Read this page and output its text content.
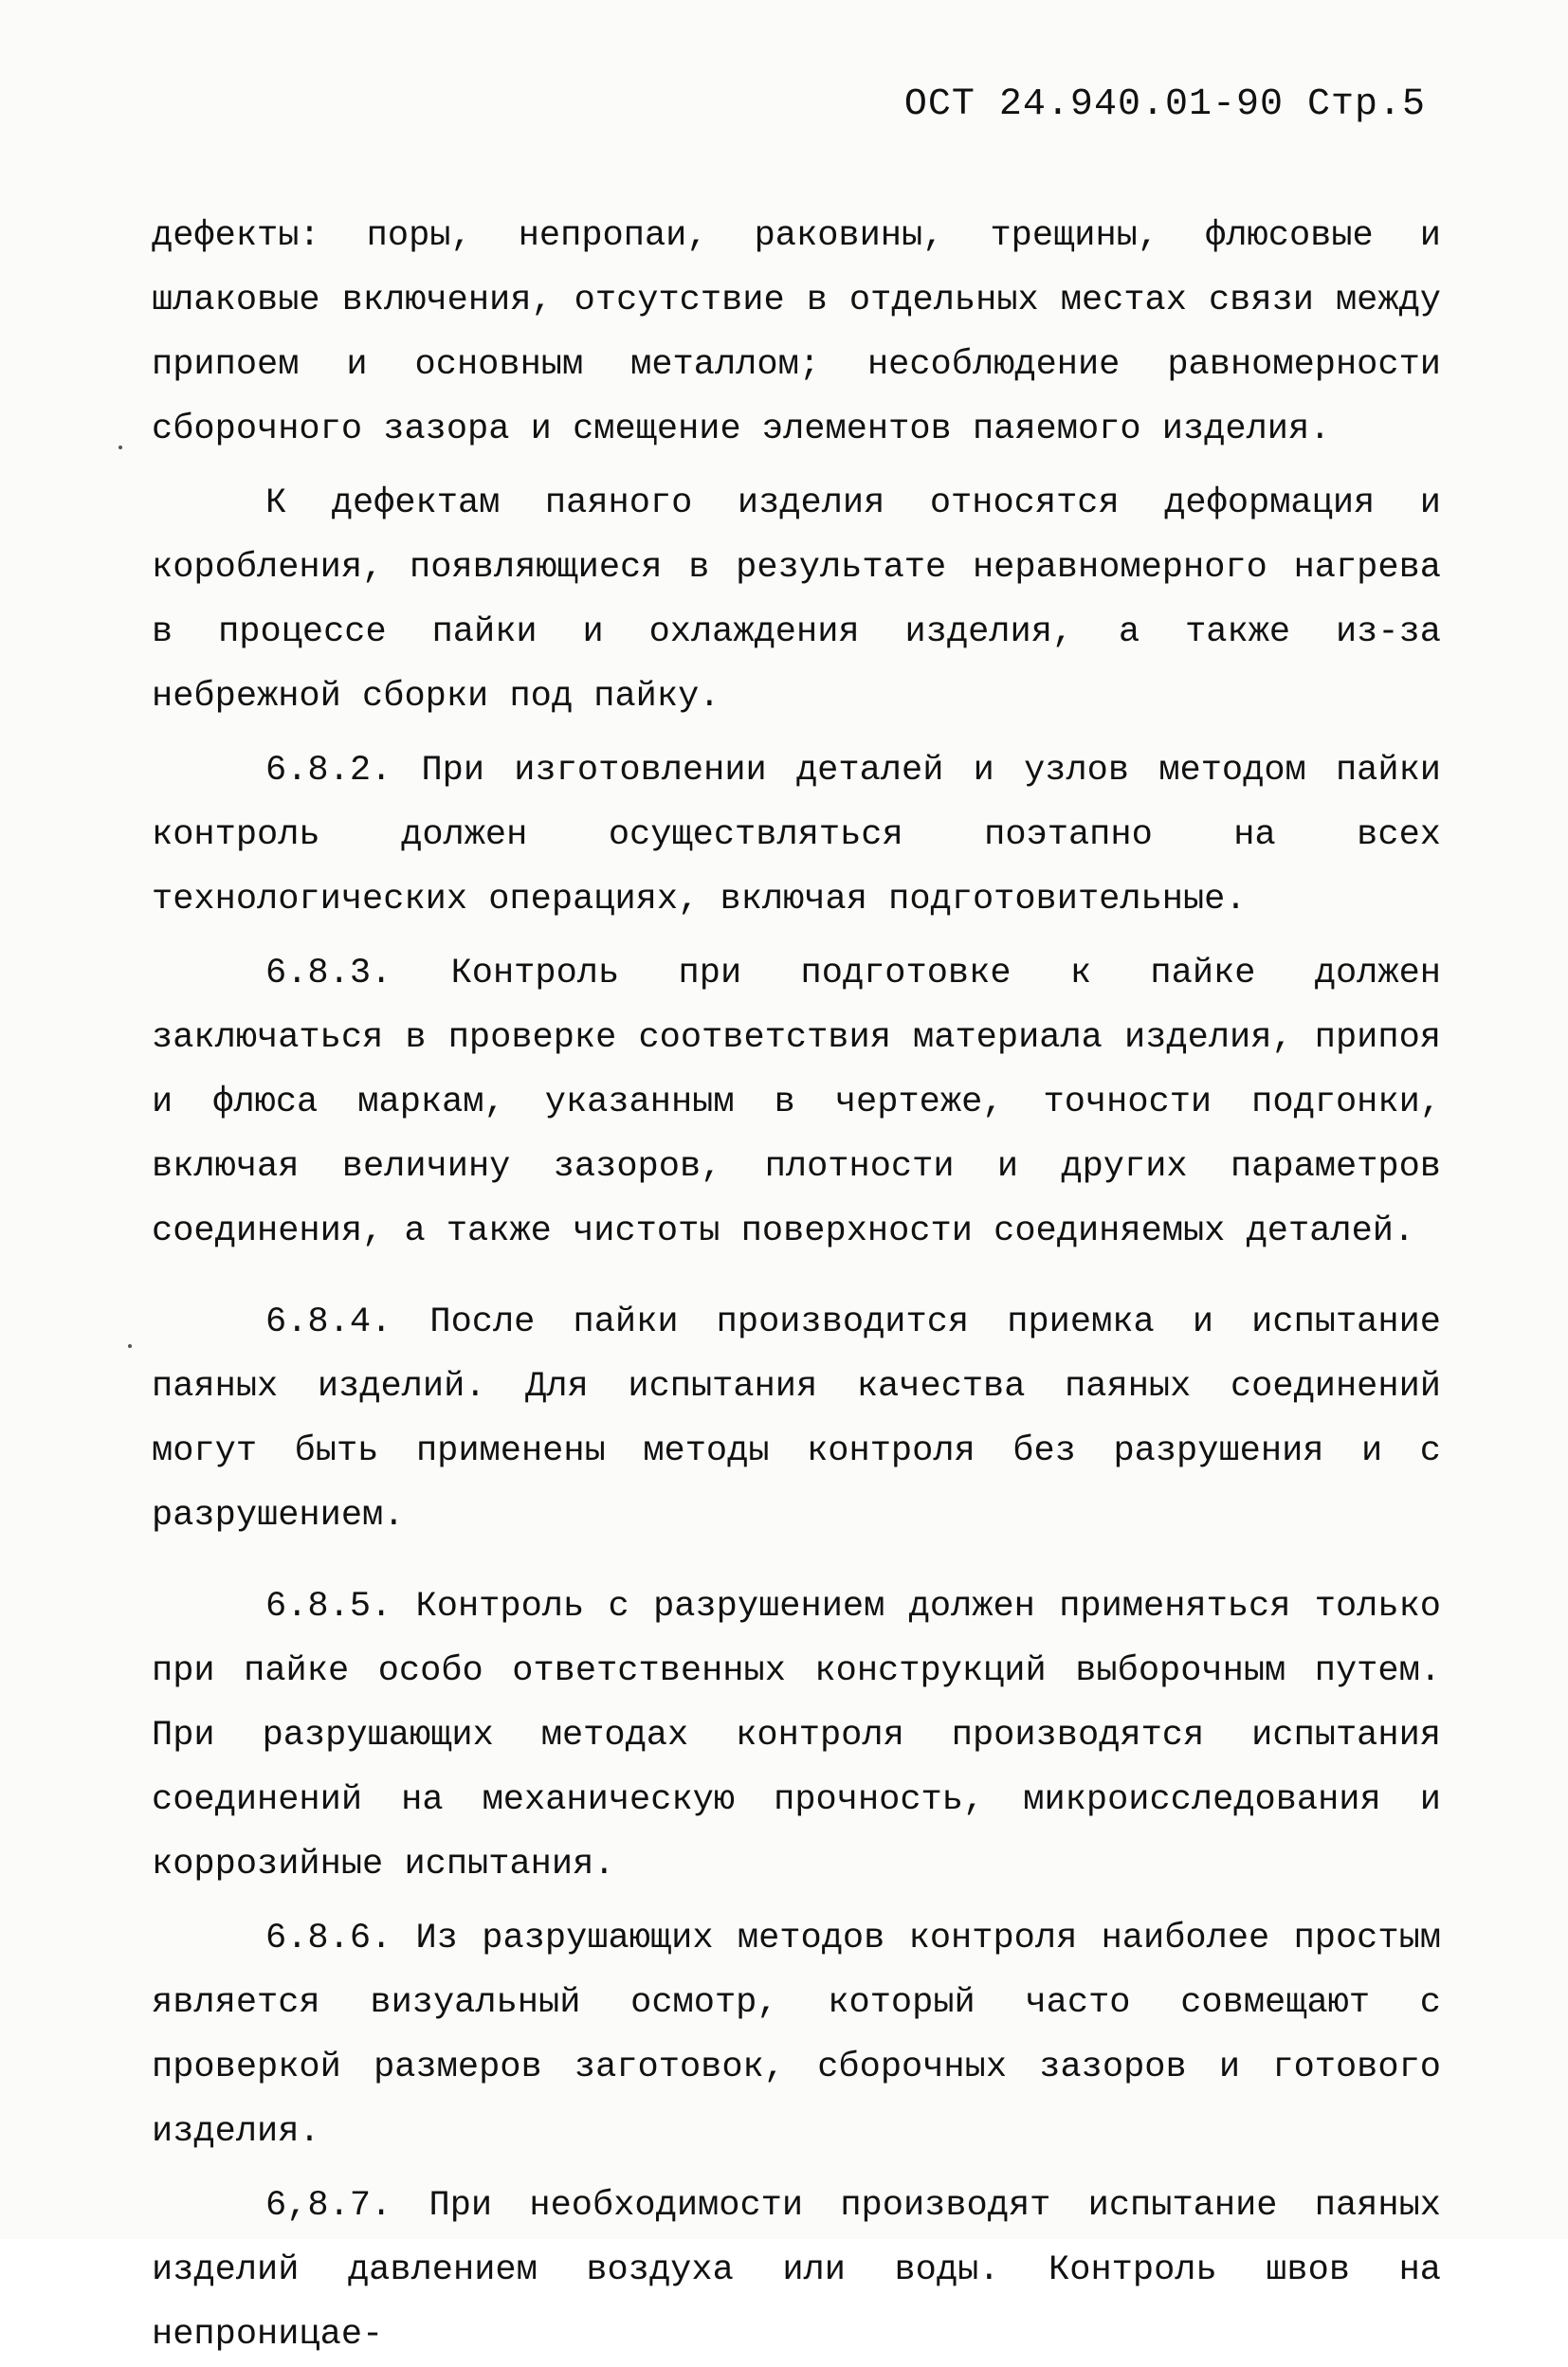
ОСТ 24.940.01-90 Стр.5

дефекты: поры, непропаи, раковины, трещины, флюсовые и шлаковые включения, отсутствие в отдельных местах связи между припоем и основным металлом; несоблюдение равномерности сборочного зазора и смещение элементов паяемого изделия.

К дефектам паяного изделия относятся деформация и коробления, появляющиеся в результате неравномерного нагрева в процессе пайки и охлаждения изделия, а также из-за небрежной сборки под пайку.

6.8.2. При изготовлении деталей и узлов методом пайки контроль должен осуществляться поэтапно на всех технологических операциях, включая подготовительные.

6.8.3. Контроль при подготовке к пайке должен заключаться в проверке соответствия материала изделия, припоя и флюса маркам, указанным в чертеже, точности подгонки, включая величину зазоров, плотности и других параметров соединения, а также чистоты поверхности соединяемых деталей.

6.8.4. После пайки производится приемка и испытание паяных изделий. Для испытания качества паяных соединений могут быть применены методы контроля без разрушения и с разрушением.

6.8.5. Контроль с разрушением должен применяться только при пайке особо ответственных конструкций выборочным путем. При разрушающих методах контроля производятся испытания соединений на механическую прочность, микроисследования и коррозийные испытания.

6.8.6. Из разрушающих методов контроля наиболее простым является визуальный осмотр, который часто совмещают с проверкой размеров заготовок, сборочных зазоров и готового изделия.

6,8.7. При необходимости производят испытание паяных изделий давлением воздуха или воды. Контроль швов на непроницае-
